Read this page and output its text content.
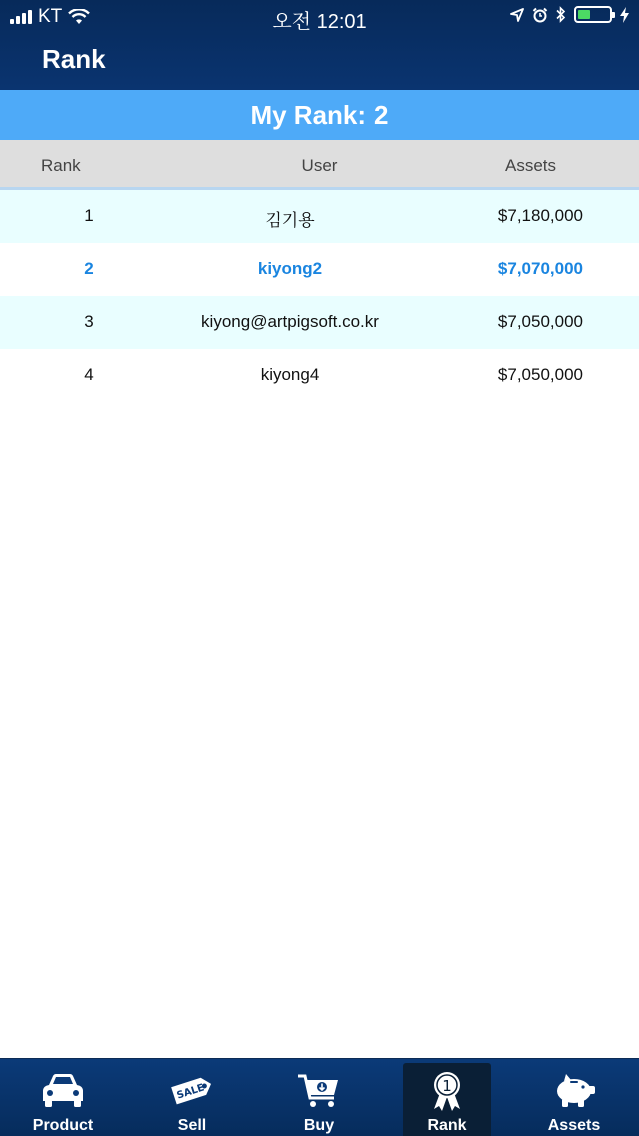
KT	오전 12:01
Rank
My Rank: 2
Rank	User	Assets
1	김기용	$7,180,000
2	kiyong2	$7,070,000
3	kiyong@artpigsoft.co.kr	$7,050,000
4	kiyong4	$7,050,000
Product
SALE
Sell	Buy
1
Rank	Assets
